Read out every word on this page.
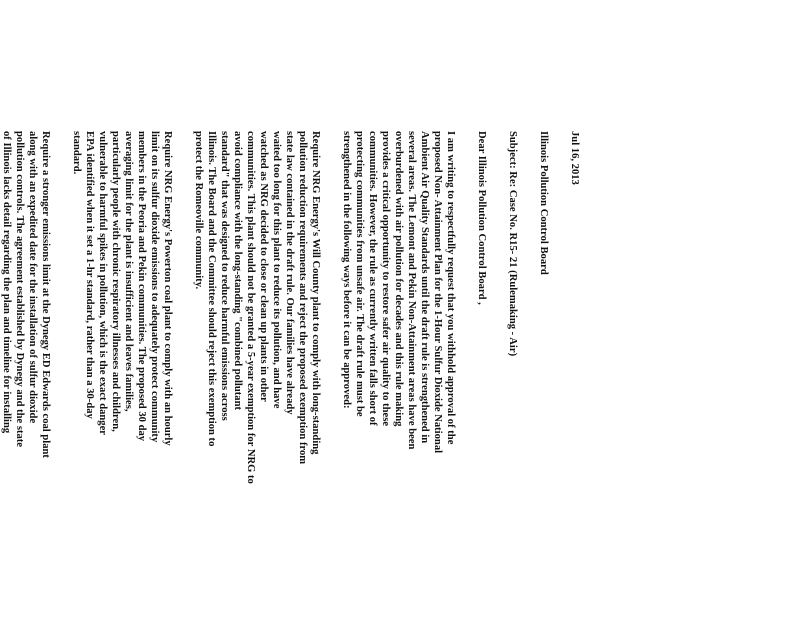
Jul 16, 2013

Illinois Pollution Control Board

Subject: Re: Case No. R15- 21 (Rulemaking - Air)

Dear Illinois Pollution Control Board ,

I am writing to respectfully request that you withhold approval of the

proposed Non- Attainment Plan for the 1-Hour Sulfur Dioxide National

Ambient Air Quality Standards until the draft rule is strengthened in

several areas. The Lemont and Pekin Non-Attainment areas have been

overburdened with air pollution for decades and this rule making

provides a critical opportunity to restore safer air quality to these

communities. However, the rule as currently written falls short of

protecting communities from unsafe air. The draft rule must be

strengthened in the following ways before it can be approved:

Require NRG Energy's Will County plant to comply with long-standing

pollution reduction requirements and reject the proposed exemption from

state law contained in the draft rule. Our families have already

waited too long for this plant to reduce its pollution, and have

watched as NRG decided to close or clean up plants in other

communities. This plant should not be granted a 5-year exemption for NRG to

avoid compliance with the long-standing "combined pollutant

standard" that was designed to reduce harmful emissions across

Illinois. The Board and the Committee should reject this exemption to

protect the Romeoville community.

Require NRG Energy's Powerton coal plant to comply with an hourly

limit on its sulfur dioxide emissions to adequately protect community

members in the Peoria and Pekin communities. The proposed 30 day

averaging limit for the plant is insufficient and leaves families,

particularly people with chronic respiratory illnesses and children,

vulnerable to harmful spikes in pollution, which is the exact danger

EPA identified when it set a 1-hr standard, rather than a 30-day

standard.

Require a stronger emissions limit at the Dynegy ED Edwards coal plant

along with an expedited date for the installation of sulfur dioxide

pollution controls. The agreement established by Dynegy and the state

of Illinois lacks detail regarding the plan and timeline for installing
